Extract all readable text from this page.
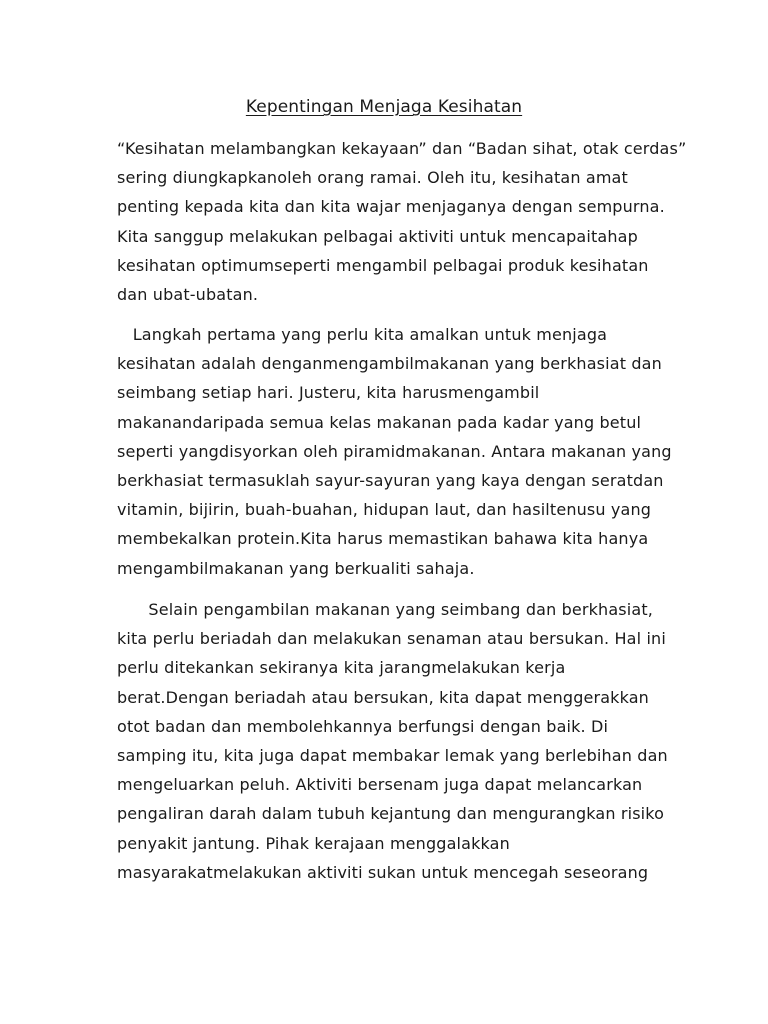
Kepentingan Menjaga Kesihatan
“Kesihatan melambangkan kekayaan” dan “Badan sihat, otak cerdas”
sering diungkapkanoleh orang ramai. Oleh itu, kesihatan amat
penting kepada kita dan kita wajar menjaganya dengan sempurna.
Kita sanggup melakukan pelbagai aktiviti untuk mencapaitahap
kesihatan optimumseperti mengambil pelbagai produk kesihatan
dan ubat-ubatan.
Langkah pertama yang perlu kita amalkan untuk menjaga
kesihatan adalah denganmengambilmakanan yang berkhasiat dan
seimbang setiap hari. Justeru, kita harusmengambil
makanandaripada semua kelas makanan pada kadar yang betul
seperti yangdisyorkan oleh piramidmakanan. Antara makanan yang
berkhasiat termasuklah sayur-sayuran yang kaya dengan seratdan
vitamin, bijirin, buah-buahan, hidupan laut, dan hasiltenusu yang
membekalkan protein.Kita harus memastikan bahawa kita hanya
mengambilmakanan yang berkualiti sahaja.
Selain pengambilan makanan yang seimbang dan berkhasiat,
kita perlu beriadah dan melakukan senaman atau bersukan. Hal ini
perlu ditekankan sekiranya kita jarangmelakukan kerja
berat.Dengan beriadah atau bersukan, kita dapat menggerakkan
otot badan dan membolehkannya berfungsi dengan baik. Di
samping itu, kita juga dapat membakar lemak yang berlebihan dan
mengeluarkan peluh. Aktiviti bersenam juga dapat melancarkan
pengaliran darah dalam tubuh kejantung dan mengurangkan risiko
penyakit jantung. Pihak kerajaan menggalakkan
masyarakatmelakukan aktiviti sukan untuk mencegah seseorang
